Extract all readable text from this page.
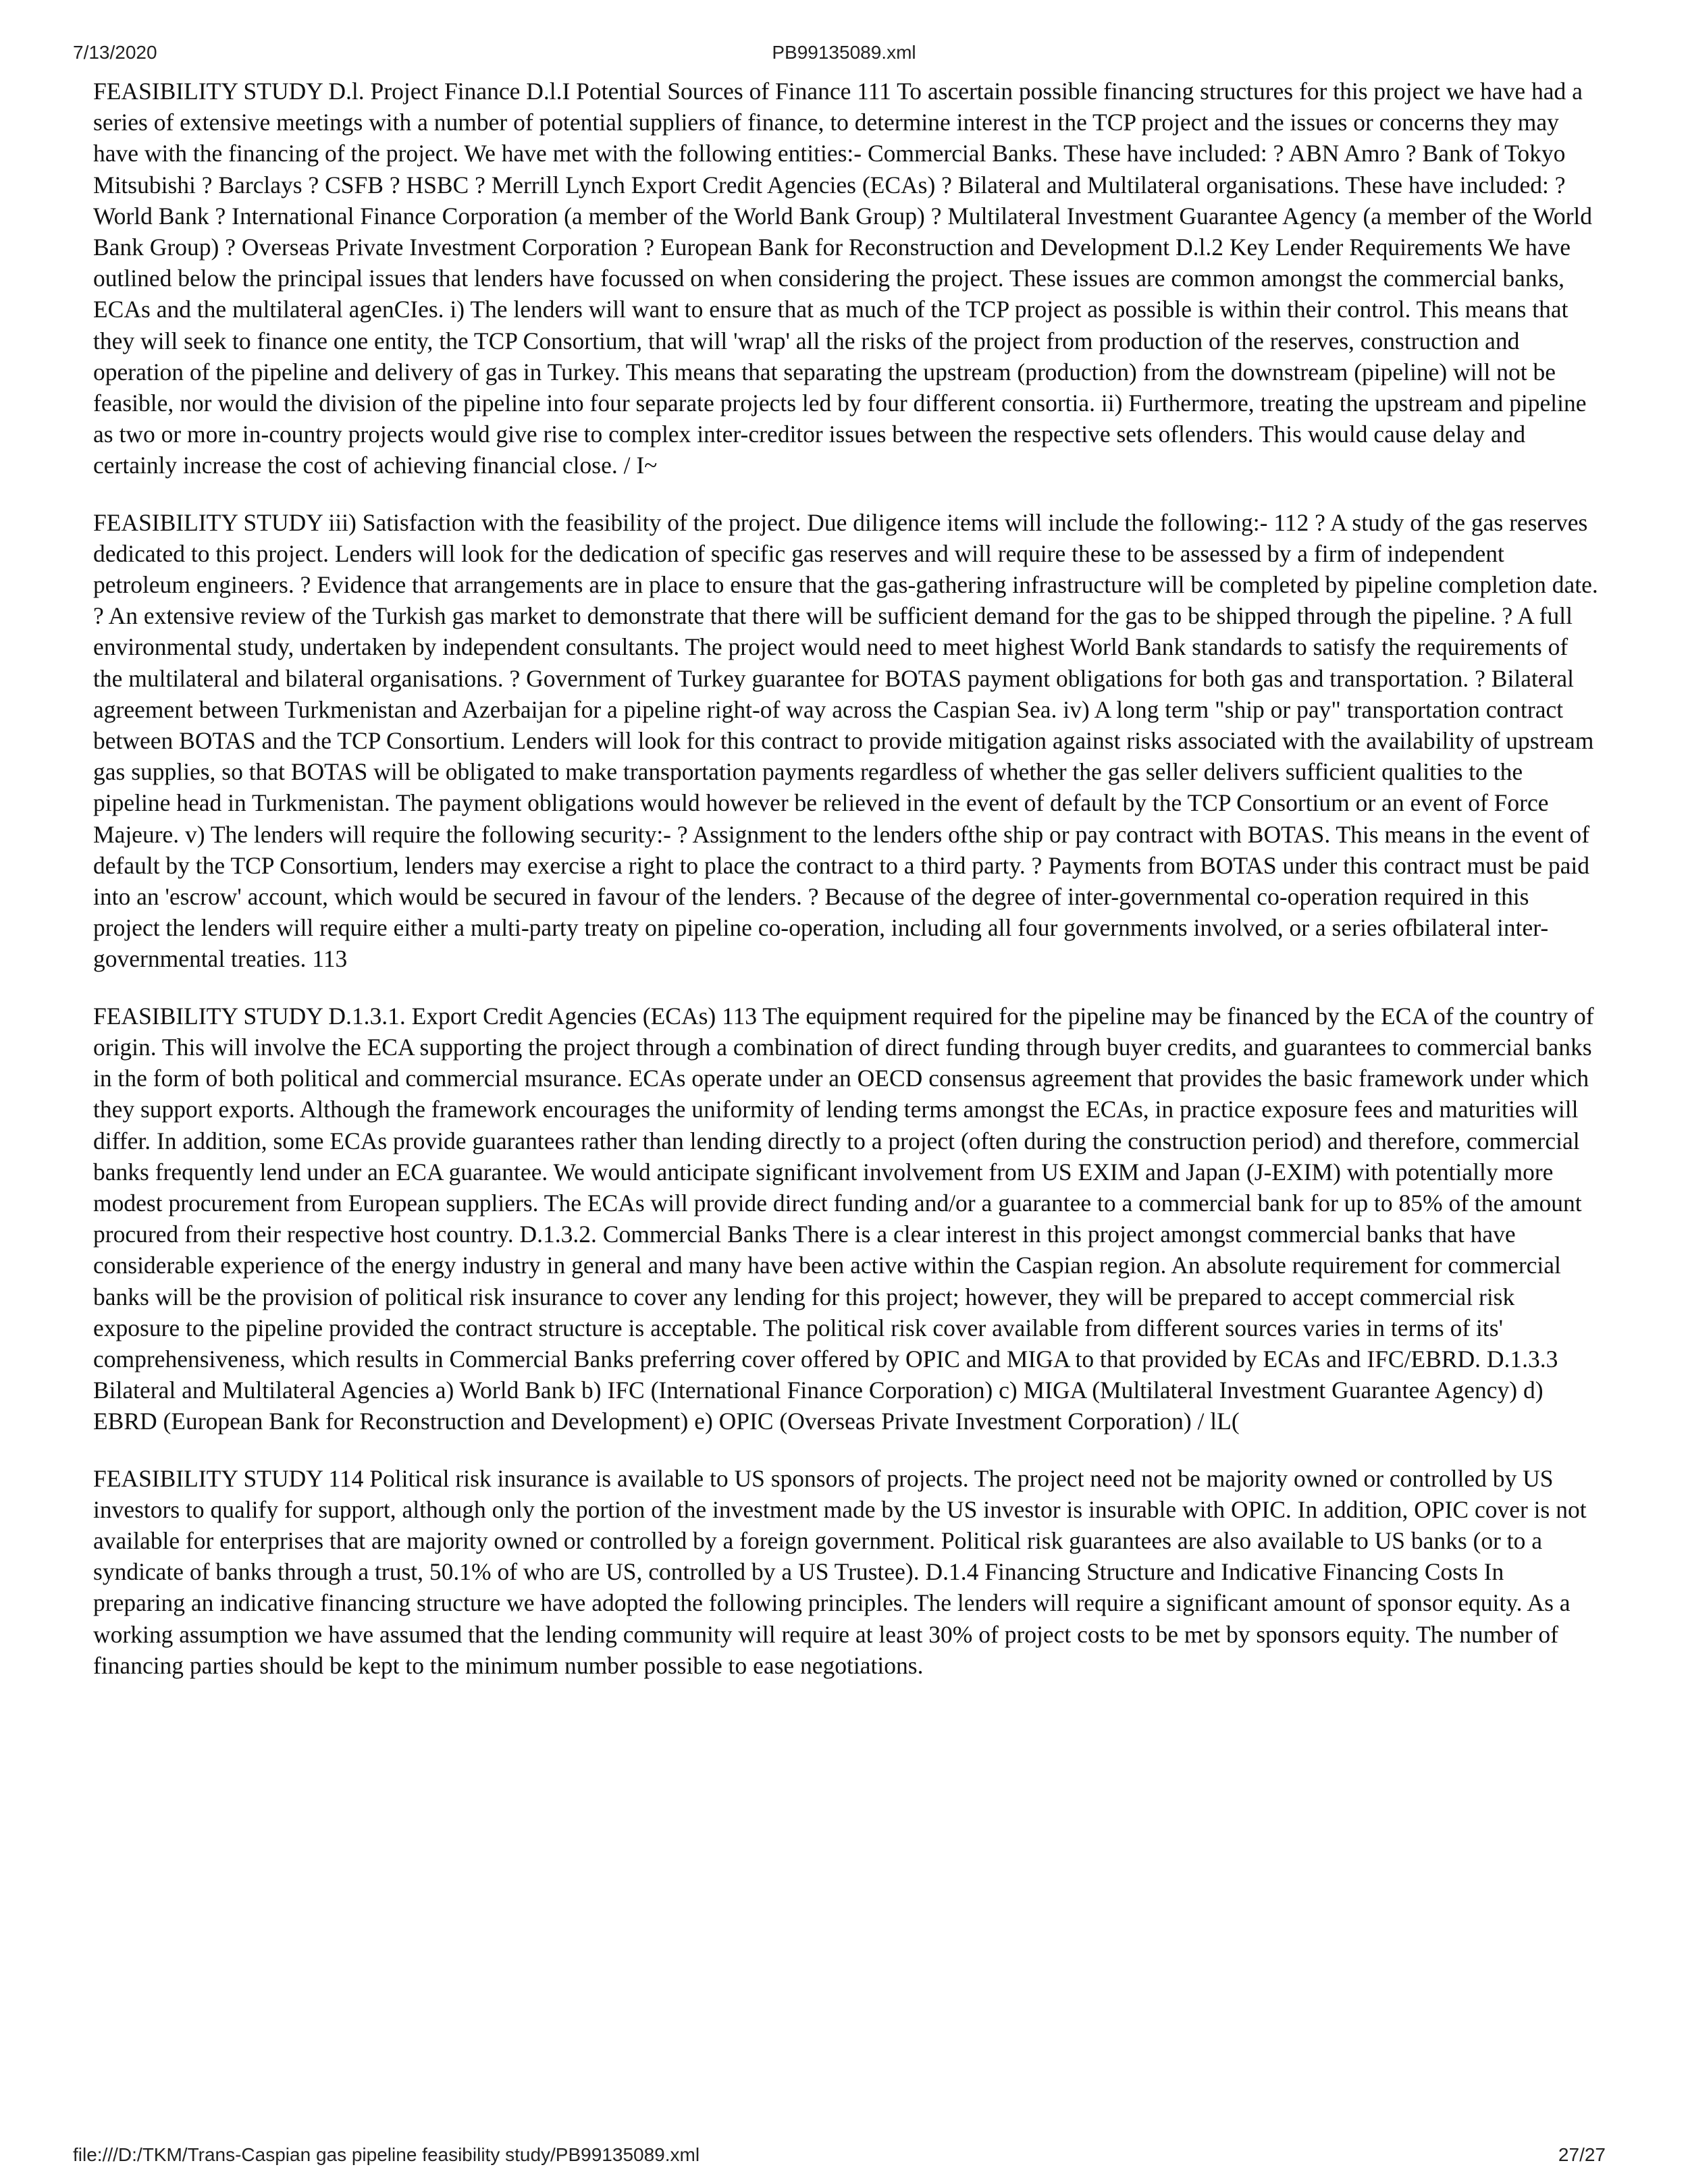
7/13/2020	PB99135089.xml

FEASIBILITY STUDY D.l. Project Finance D.l.I Potential Sources of Finance 111 To ascertain possible financing structures for this project we have had a series of extensive meetings with a number of potential suppliers of finance, to determine interest in the TCP project and the issues or concerns they may have with the financing of the project. We have met with the following entities:- Commercial Banks. These have included: ? ABN Amro ? Bank of Tokyo Mitsubishi ? Barclays ? CSFB ? HSBC ? Merrill Lynch Export Credit Agencies (ECAs) ? Bilateral and Multilateral organisations. These have included: ? World Bank ? International Finance Corporation (a member of the World Bank Group) ? Multilateral Investment Guarantee Agency (a member of the World Bank Group) ? Overseas Private Investment Corporation ? European Bank for Reconstruction and Development D.l.2 Key Lender Requirements We have outlined below the principal issues that lenders have focussed on when considering the project. These issues are common amongst the commercial banks, ECAs and the multilateral agenCIes. i) The lenders will want to ensure that as much of the TCP project as possible is within their control. This means that they will seek to finance one entity, the TCP Consortium, that will 'wrap' all the risks of the project from production of the reserves, construction and operation of the pipeline and delivery of gas in Turkey. This means that separating the upstream (production) from the downstream (pipeline) will not be feasible, nor would the division of the pipeline into four separate projects led by four different consortia. ii) Furthermore, treating the upstream and pipeline as two or more in-country projects would give rise to complex inter-creditor issues between the respective sets oflenders. This would cause delay and certainly increase the cost of achieving financial close. / I~

FEASIBILITY STUDY iii) Satisfaction with the feasibility of the project. Due diligence items will include the following:- 112 ? A study of the gas reserves dedicated to this project. Lenders will look for the dedication of specific gas reserves and will require these to be assessed by a firm of independent petroleum engineers. ? Evidence that arrangements are in place to ensure that the gas-gathering infrastructure will be completed by pipeline completion date. ? An extensive review of the Turkish gas market to demonstrate that there will be sufficient demand for the gas to be shipped through the pipeline. ? A full environmental study, undertaken by independent consultants. The project would need to meet highest World Bank standards to satisfy the requirements of the multilateral and bilateral organisations. ? Government of Turkey guarantee for BOTAS payment obligations for both gas and transportation. ? Bilateral agreement between Turkmenistan and Azerbaijan for a pipeline right-of way across the Caspian Sea. iv) A long term "ship or pay" transportation contract between BOTAS and the TCP Consortium. Lenders will look for this contract to provide mitigation against risks associated with the availability of upstream gas supplies, so that BOTAS will be obligated to make transportation payments regardless of whether the gas seller delivers sufficient qualities to the pipeline head in Turkmenistan. The payment obligations would however be relieved in the event of default by the TCP Consortium or an event of Force Majeure. v) The lenders will require the following security:- ? Assignment to the lenders ofthe ship or pay contract with BOTAS. This means in the event of default by the TCP Consortium, lenders may exercise a right to place the contract to a third party. ? Payments from BOTAS under this contract must be paid into an 'escrow' account, which would be secured in favour of the lenders. ? Because of the degree of inter-governmental co-operation required in this project the lenders will require either a multi-party treaty on pipeline co-operation, including all four governments involved, or a series ofbilateral inter-governmental treaties. 113

FEASIBILITY STUDY D.1.3.1. Export Credit Agencies (ECAs) 113 The equipment required for the pipeline may be financed by the ECA of the country of origin. This will involve the ECA supporting the project through a combination of direct funding through buyer credits, and guarantees to commercial banks in the form of both political and commercial msurance. ECAs operate under an OECD consensus agreement that provides the basic framework under which they support exports. Although the framework encourages the uniformity of lending terms amongst the ECAs, in practice exposure fees and maturities will differ. In addition, some ECAs provide guarantees rather than lending directly to a project (often during the construction period) and therefore, commercial banks frequently lend under an ECA guarantee. We would anticipate significant involvement from US EXIM and Japan (J-EXIM) with potentially more modest procurement from European suppliers. The ECAs will provide direct funding and/or a guarantee to a commercial bank for up to 85% of the amount procured from their respective host country. D.1.3.2. Commercial Banks There is a clear interest in this project amongst commercial banks that have considerable experience of the energy industry in general and many have been active within the Caspian region. An absolute requirement for commercial banks will be the provision of political risk insurance to cover any lending for this project; however, they will be prepared to accept commercial risk exposure to the pipeline provided the contract structure is acceptable. The political risk cover available from different sources varies in terms of its' comprehensiveness, which results in Commercial Banks preferring cover offered by OPIC and MIGA to that provided by ECAs and IFC/EBRD. D.1.3.3 Bilateral and Multilateral Agencies a) World Bank b) IFC (International Finance Corporation) c) MIGA (Multilateral Investment Guarantee Agency) d) EBRD (European Bank for Reconstruction and Development) e) OPIC (Overseas Private Investment Corporation) / lL(

FEASIBILITY STUDY 114 Political risk insurance is available to US sponsors of projects. The project need not be majority owned or controlled by US investors to qualify for support, although only the portion of the investment made by the US investor is insurable with OPIC. In addition, OPIC cover is not available for enterprises that are majority owned or controlled by a foreign government. Political risk guarantees are also available to US banks (or to a syndicate of banks through a trust, 50.1% of who are US, controlled by a US Trustee). D.1.4 Financing Structure and Indicative Financing Costs In preparing an indicative financing structure we have adopted the following principles. The lenders will require a significant amount of sponsor equity. As a working assumption we have assumed that the lending community will require at least 30% of project costs to be met by sponsors equity. The number of financing parties should be kept to the minimum number possible to ease negotiations.

file:///D:/TKM/Trans-Caspian gas pipeline feasibility study/PB99135089.xml	27/27
